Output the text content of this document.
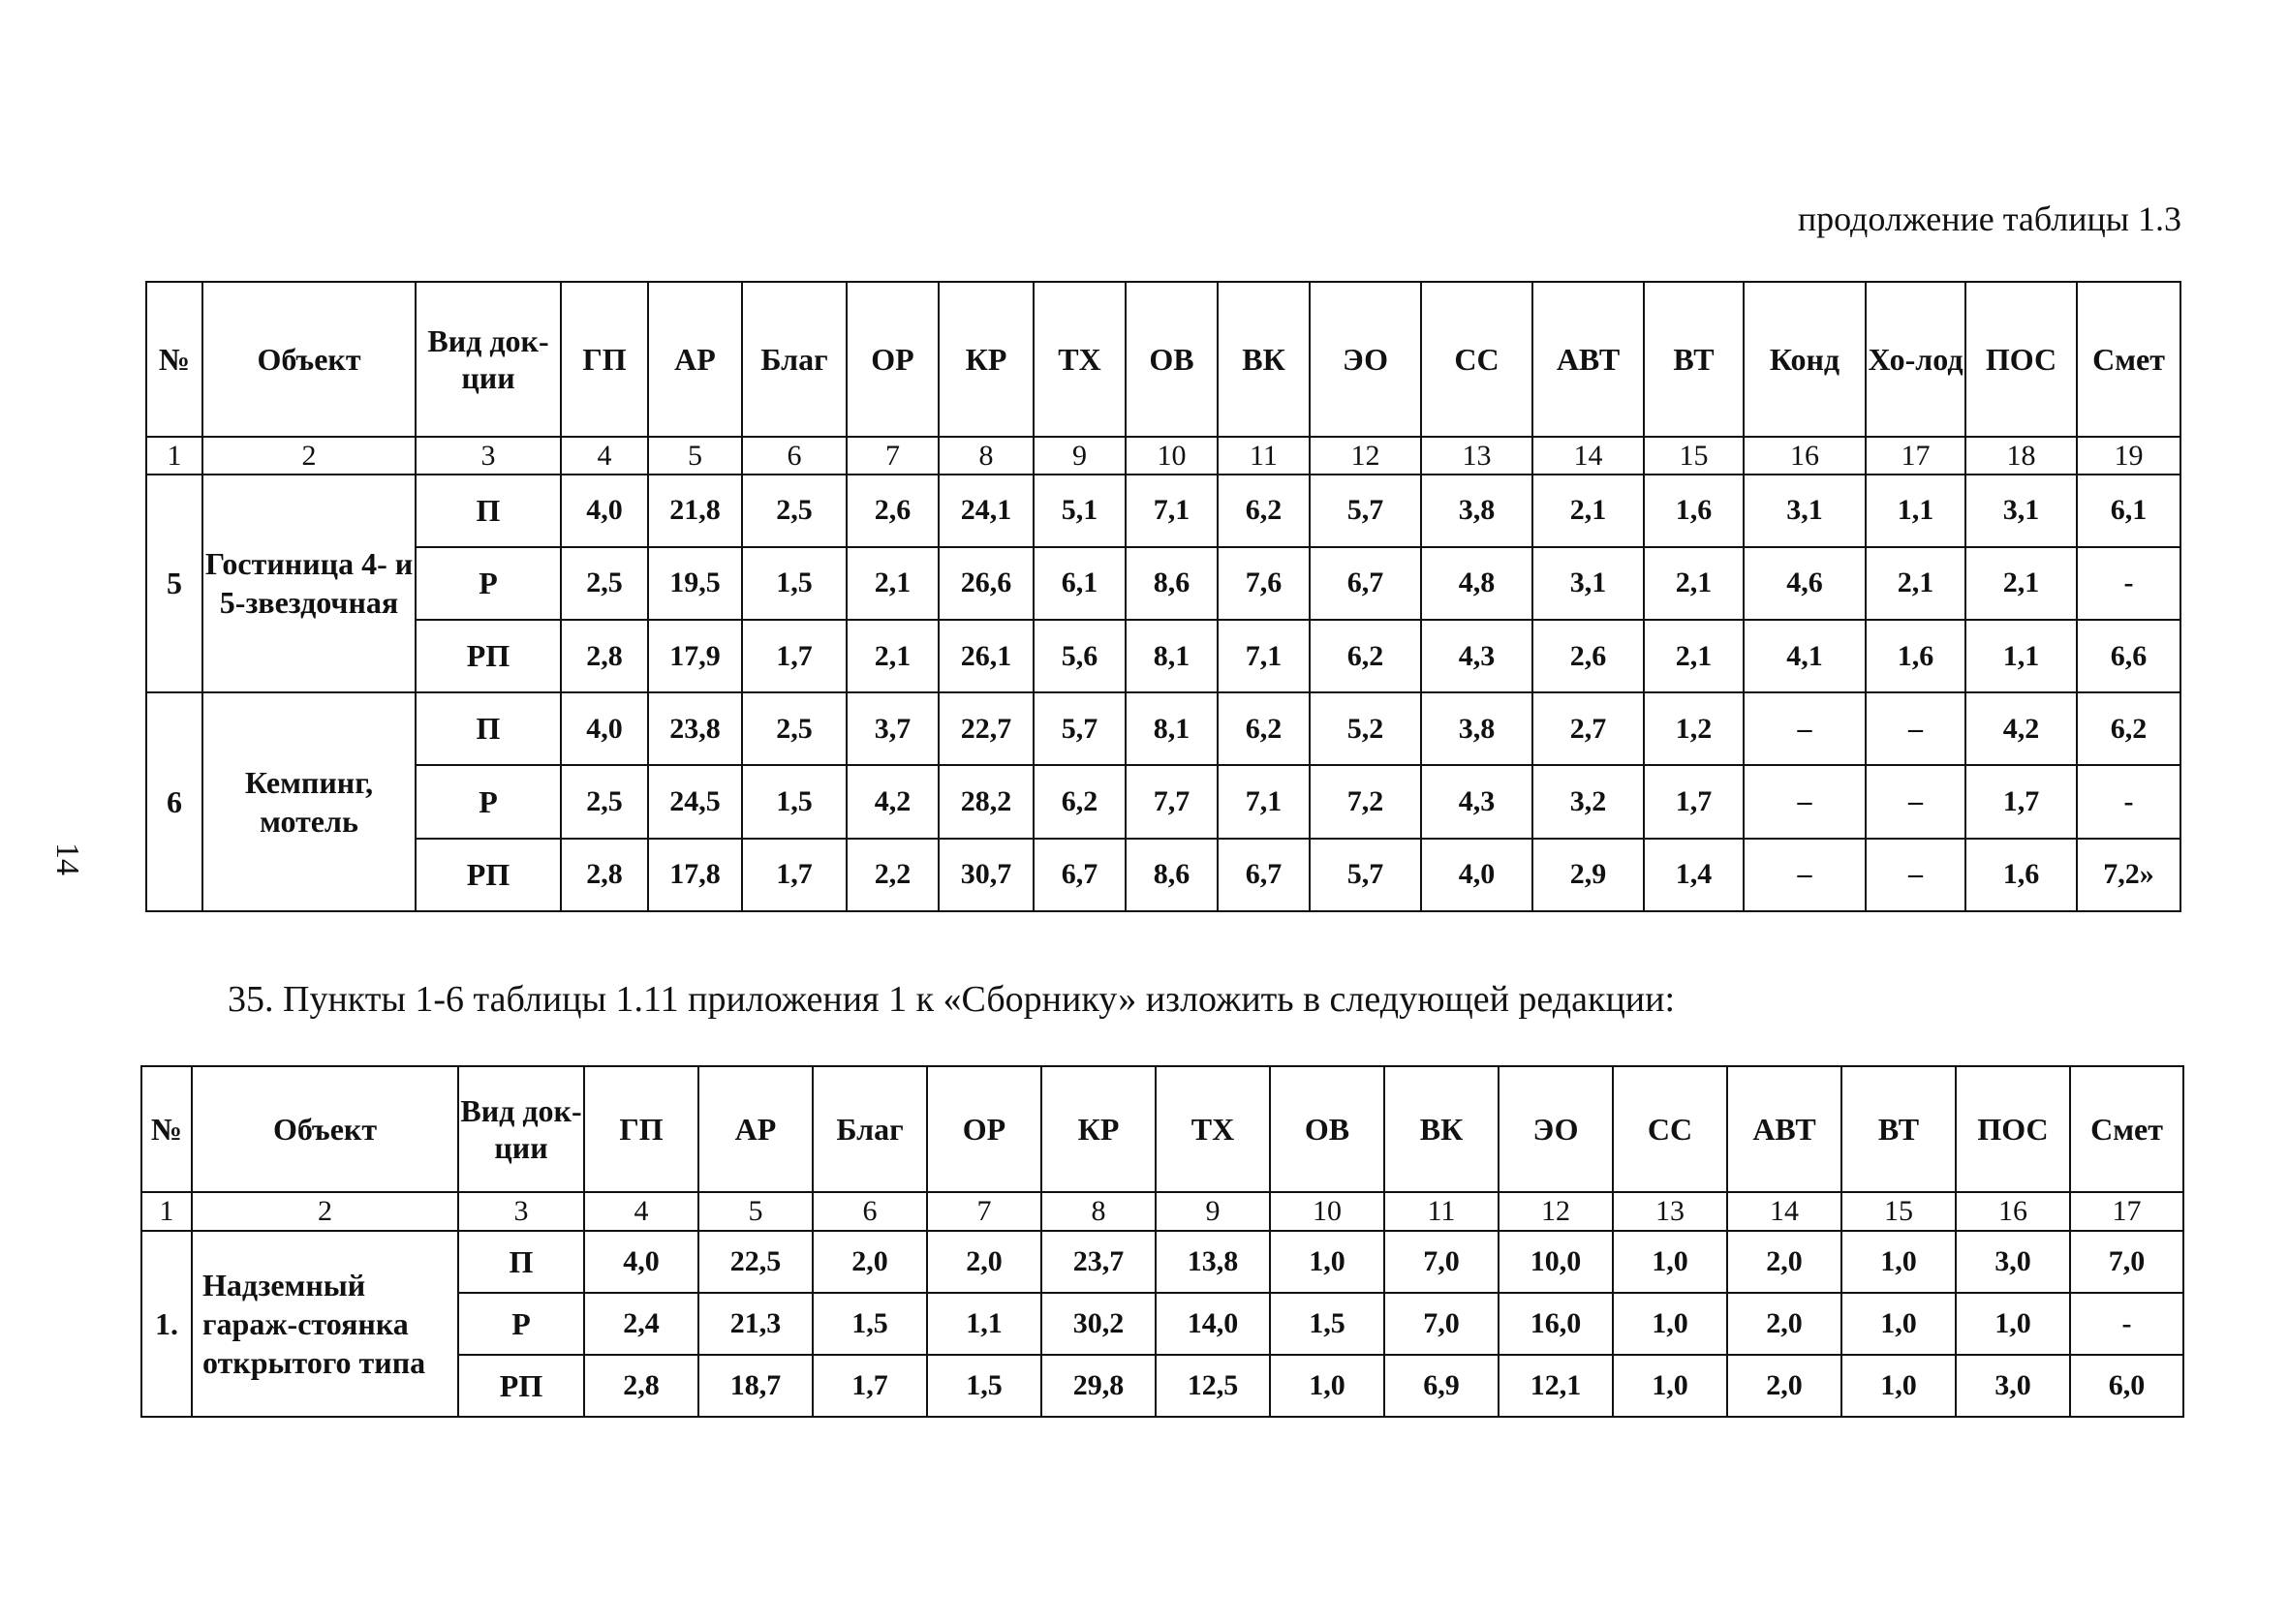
продолжение таблицы 1.3
14
№	Объект	Вид док-ции	ГП	АР	Благ	ОР	КР	ТХ	ОВ	ВК	ЭО	СС	АВТ	ВТ	Конд	Хо-лод	ПОС	Смет
1	2	3	4	5	6	7	8	9	10	11	12	13	14	15	16	17	18	19
5	Гостиница 4- и 5-звездочная	П	4,0	21,8	2,5	2,6	24,1	5,1	7,1	6,2	5,7	3,8	2,1	1,6	3,1	1,1	3,1	6,1
		Р	2,5	19,5	1,5	2,1	26,6	6,1	8,6	7,6	6,7	4,8	3,1	2,1	4,6	2,1	2,1	-
		РП	2,8	17,9	1,7	2,1	26,1	5,6	8,1	7,1	6,2	4,3	2,6	2,1	4,1	1,6	1,1	6,6
6	Кемпинг, мотель	П	4,0	23,8	2,5	3,7	22,7	5,7	8,1	6,2	5,2	3,8	2,7	1,2	–	–	4,2	6,2
		Р	2,5	24,5	1,5	4,2	28,2	6,2	7,7	7,1	7,2	4,3	3,2	1,7	–	–	1,7	-
		РП	2,8	17,8	1,7	2,2	30,7	6,7	8,6	6,7	5,7	4,0	2,9	1,4	–	–	1,6	7,2»
35. Пункты 1-6 таблицы 1.11 приложения 1 к «Сборнику» изложить в следующей редакции:
№	Объект	Вид док-ции	ГП	АР	Благ	ОР	КР	ТХ	ОВ	ВК	ЭО	СС	АВТ	ВТ	ПОС	Смет
1	2	3	4	5	6	7	8	9	10	11	12	13	14	15	16	17
1.	Надземный гараж-стоянка открытого типа	П	4,0	22,5	2,0	2,0	23,7	13,8	1,0	7,0	10,0	1,0	2,0	1,0	3,0	7,0
		Р	2,4	21,3	1,5	1,1	30,2	14,0	1,5	7,0	16,0	1,0	2,0	1,0	1,0	-
		РП	2,8	18,7	1,7	1,5	29,8	12,5	1,0	6,9	12,1	1,0	2,0	1,0	3,0	6,0
